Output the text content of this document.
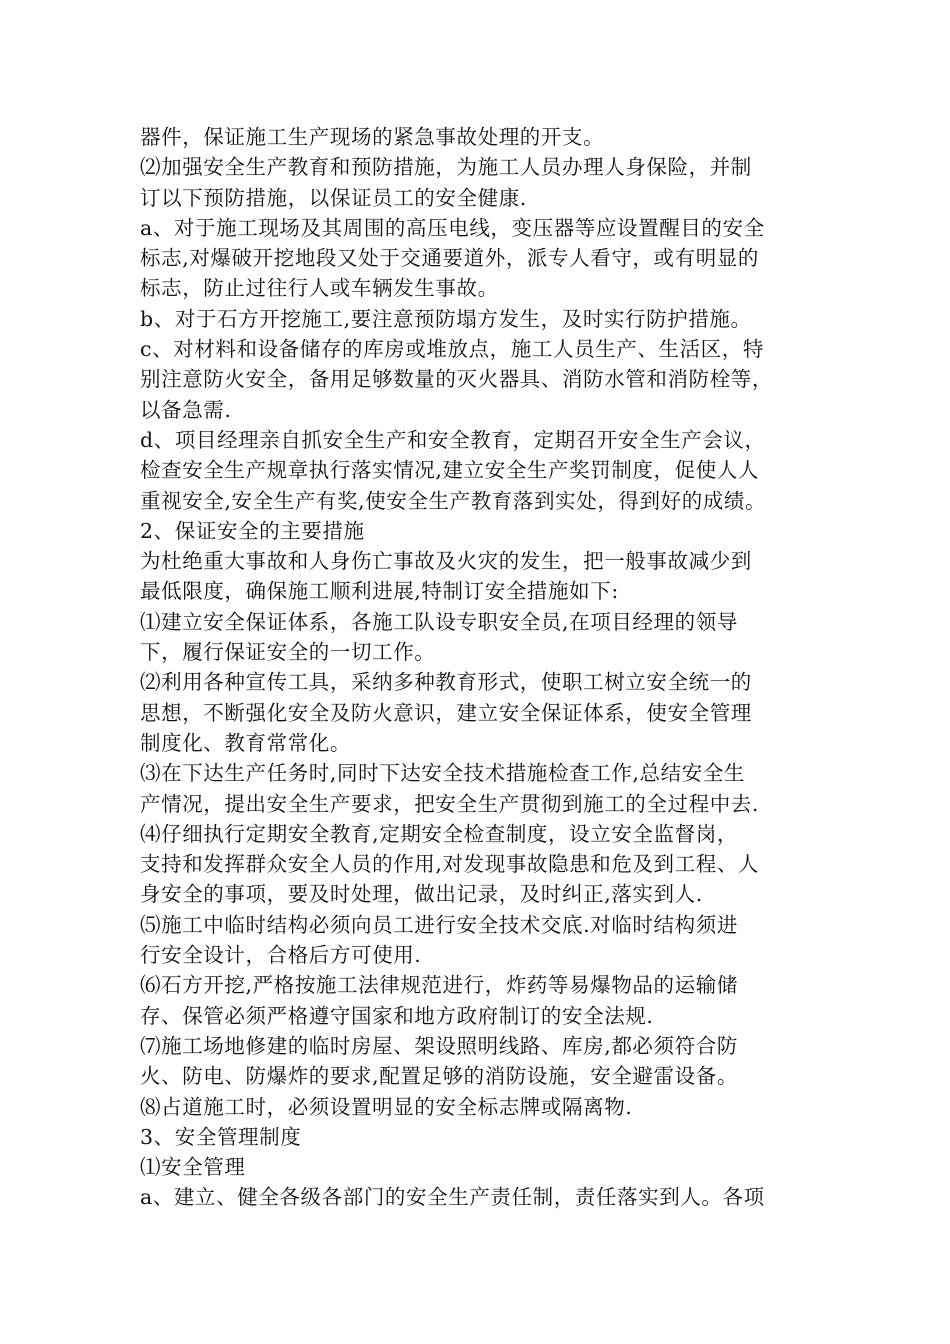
器件，保证施工生产现场的紧急事故处理的开支。
⑵加强安全生产教育和预防措施，为施工人员办理人身保险，并制
订以下预防措施，以保证员工的安全健康.
a、对于施工现场及其周围的高压电线，变压器等应设置醒目的安全
标志,对爆破开挖地段又处于交通要道外，派专人看守，或有明显的
标志，防止过往行人或车辆发生事故。
b、对于石方开挖施工,要注意预防塌方发生，及时实行防护措施。
c、对材料和设备储存的库房或堆放点，施工人员生产、生活区，特
别注意防火安全，备用足够数量的灭火器具、消防水管和消防栓等，
以备急需.
d、项目经理亲自抓安全生产和安全教育，定期召开安全生产会议，
检查安全生产规章执行落实情况,建立安全生产奖罚制度，促使人人
重视安全,安全生产有奖,使安全生产教育落到实处，得到好的成绩。
2、保证安全的主要措施
为杜绝重大事故和人身伤亡事故及火灾的发生，把一般事故减少到
最低限度，确保施工顺利进展,特制订安全措施如下:
⑴建立安全保证体系，各施工队设专职安全员,在项目经理的领导
下，履行保证安全的一切工作。
⑵利用各种宣传工具，采纳多种教育形式，使职工树立安全统一的
思想，不断强化安全及防火意识，建立安全保证体系，使安全管理
制度化、教育常常化。
⑶在下达生产任务时,同时下达安全技术措施检查工作,总结安全生
产情况，提出安全生产要求，把安全生产贯彻到施工的全过程中去.
⑷仔细执行定期安全教育,定期安全检查制度，设立安全监督岗，
支持和发挥群众安全人员的作用,对发现事故隐患和危及到工程、人
身安全的事项，要及时处理，做出记录，及时纠正,落实到人.
⑸施工中临时结构必须向员工进行安全技术交底.对临时结构须进
行安全设计，合格后方可使用.
⑹石方开挖,严格按施工法律规范进行，炸药等易爆物品的运输储
存、保管必须严格遵守国家和地方政府制订的安全法规.
⑺施工场地修建的临时房屋、架设照明线路、库房,都必须符合防
火、防电、防爆炸的要求,配置足够的消防设施，安全避雷设备。
⑻占道施工时，必须设置明显的安全标志牌或隔离物.
3、安全管理制度
⑴安全管理
a、建立、健全各级各部门的安全生产责任制，责任落实到人。各项
